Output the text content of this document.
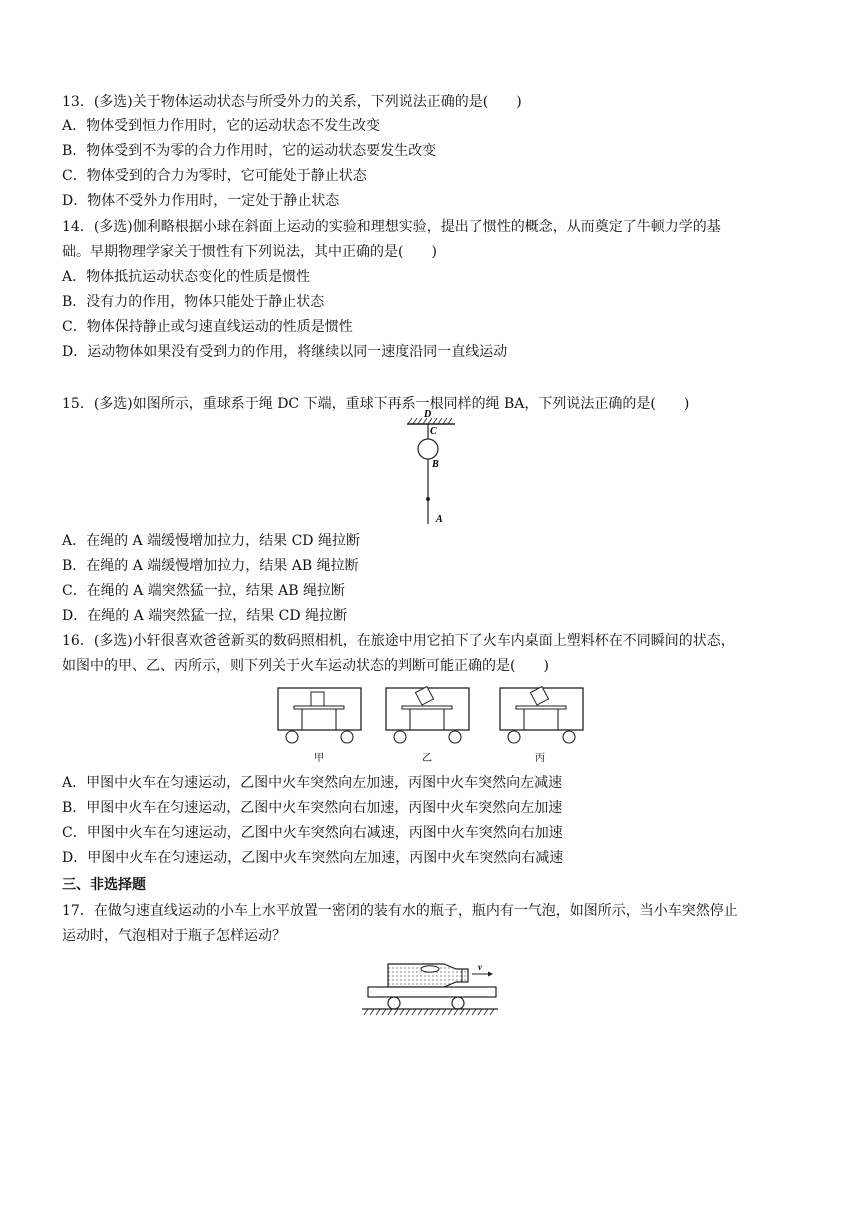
13．(多选)关于物体运动状态与所受外力的关系，下列说法正确的是(　　)
A．物体受到恒力作用时，它的运动状态不发生改变
B．物体受到不为零的合力作用时，它的运动状态要发生改变
C．物体受到的合力为零时，它可能处于静止状态
D．物体不受外力作用时，一定处于静止状态
14．(多选)伽利略根据小球在斜面上运动的实验和理想实验，提出了惯性的概念，从而奠定了牛顿力学的基
础。早期物理学家关于惯性有下列说法，其中正确的是(　　)
A．物体抵抗运动状态变化的性质是惯性
B．没有力的作用，物体只能处于静止状态
C．物体保持静止或匀速直线运动的性质是惯性
D．运动物体如果没有受到力的作用，将继续以同一速度沿同一直线运动
15．(多选)如图所示，重球系于绳 DC 下端，重球下再系一根同样的绳 BA，下列说法正确的是(　　)
D
C
B
A
A．在绳的 A 端缓慢增加拉力，结果 CD 绳拉断
B．在绳的 A 端缓慢增加拉力，结果 AB 绳拉断
C．在绳的 A 端突然猛一拉，结果 AB 绳拉断
D．在绳的 A 端突然猛一拉，结果 CD 绳拉断
16．(多选)小轩很喜欢爸爸新买的数码照相机，在旅途中用它拍下了火车内桌面上塑料杯在不同瞬间的状态，
如图中的甲、乙、丙所示，则下列关于火车运动状态的判断可能正确的是(　　)
甲	乙	丙
A．甲图中火车在匀速运动，乙图中火车突然向左加速，丙图中火车突然向左减速
B．甲图中火车在匀速运动，乙图中火车突然向右加速，丙图中火车突然向左加速
C．甲图中火车在匀速运动，乙图中火车突然向右减速，丙图中火车突然向右加速
D．甲图中火车在匀速运动，乙图中火车突然向左加速，丙图中火车突然向右减速
三、非选择题
17．在做匀速直线运动的小车上水平放置一密闭的装有水的瓶子，瓶内有一气泡，如图所示，当小车突然停止
运动时，气泡相对于瓶子怎样运动？
v
